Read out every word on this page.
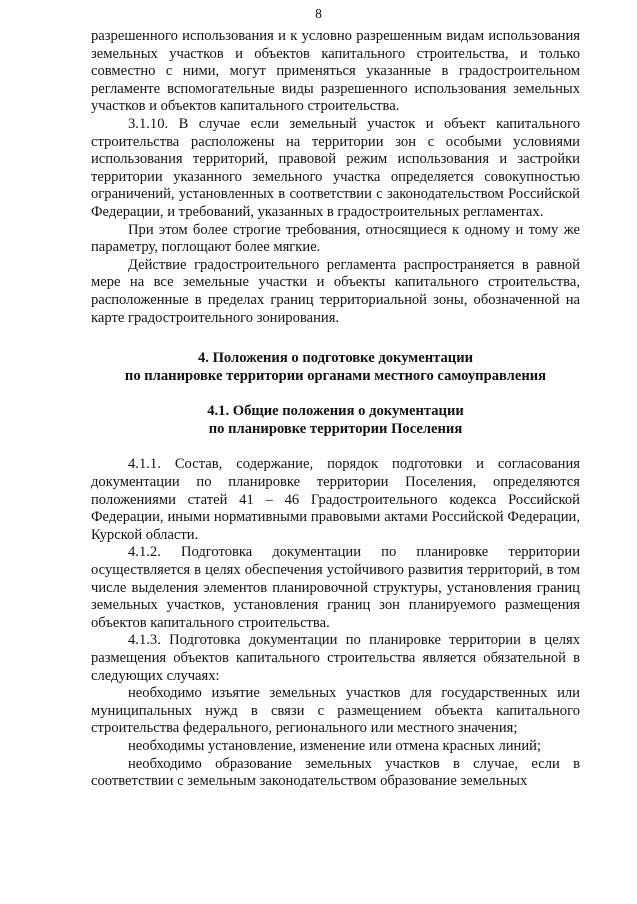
8

разрешенного использования и к условно разрешенным видам использования земельных участков и объектов капитального строительства, и только совместно с ними, могут применяться указанные в градостроительном регламенте вспомогательные виды разрешенного использования земельных участков и объектов капитального строительства.

3.1.10. В случае если земельный участок и объект капитального строительства расположены на территории зон с особыми условиями использования территорий, правовой режим использования и застройки территории указанного земельного участка определяется совокупностью ограничений, установленных в соответствии с законодательством Российской Федерации, и требований, указанных в градостроительных регламентах.

При этом более строгие требования, относящиеся к одному и тому же параметру, поглощают более мягкие.

Действие градостроительного регламента распространяется в равной мере на все земельные участки и объекты капитального строительства, расположенные в пределах границ территориальной зоны, обозначенной на карте градостроительного зонирования.

4. Положения о подготовке документации
по планировке территории органами местного самоуправления

4.1. Общие положения о документации
по планировке территории Поселения

4.1.1. Состав, содержание, порядок подготовки и согласования документации по планировке территории Поселения, определяются положениями статей 41 – 46 Градостроительного кодекса Российской Федерации, иными нормативными правовыми актами Российской Федерации, Курской области.

4.1.2. Подготовка документации по планировке территории осуществляется в целях обеспечения устойчивого развития территорий, в том числе выделения элементов планировочной структуры, установления границ земельных участков, установления границ зон планируемого размещения объектов капитального строительства.

4.1.3. Подготовка документации по планировке территории в целях размещения объектов капитального строительства является обязательной в следующих случаях:

необходимо изъятие земельных участков для государственных или муниципальных нужд в связи с размещением объекта капитального строительства федерального, регионального или местного значения;

необходимы установление, изменение или отмена красных линий;

необходимо образование земельных участков в случае, если в соответствии с земельным законодательством образование земельных
